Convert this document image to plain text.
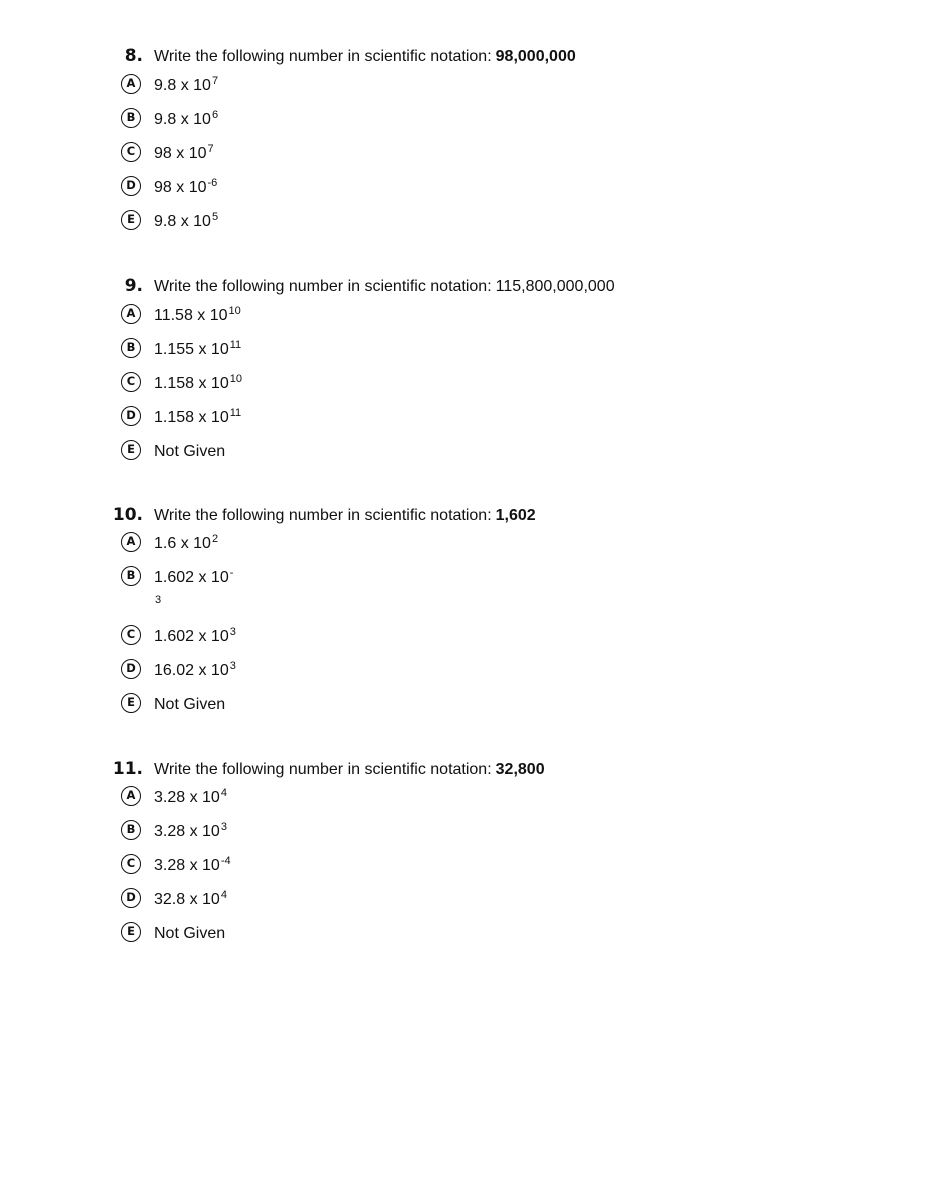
8. Write the following number in scientific notation: 98,000,000
A	9.8 x $10^7$
B	9.8 x $10^6$
C	98 x $10^7$
D	98 x $10^{-6}$
E	9.8 x $10^5$
9. Write the following number in scientific notation: 115,800,000,000
A	11.58 x $10^{10}$
B	1.155 x $10^{11}$
C	1.158 x $10^{10}$
D	1.158 x $10^{11}$
E	Not Given
10. Write the following number in scientific notation: 1,602
A	1.6 x $10^2$
B	1.602 x 10-
3
C	1.602 x $10^3$
D	16.02 x $10^3$
E	Not Given
11. Write the following number in scientific notation: 32,800
A	3.28 x $10^4$
B	3.28 x $10^3$
C	3.28 x $10^{-4}$
D	32.8 x $10^4$
E	Not Given
